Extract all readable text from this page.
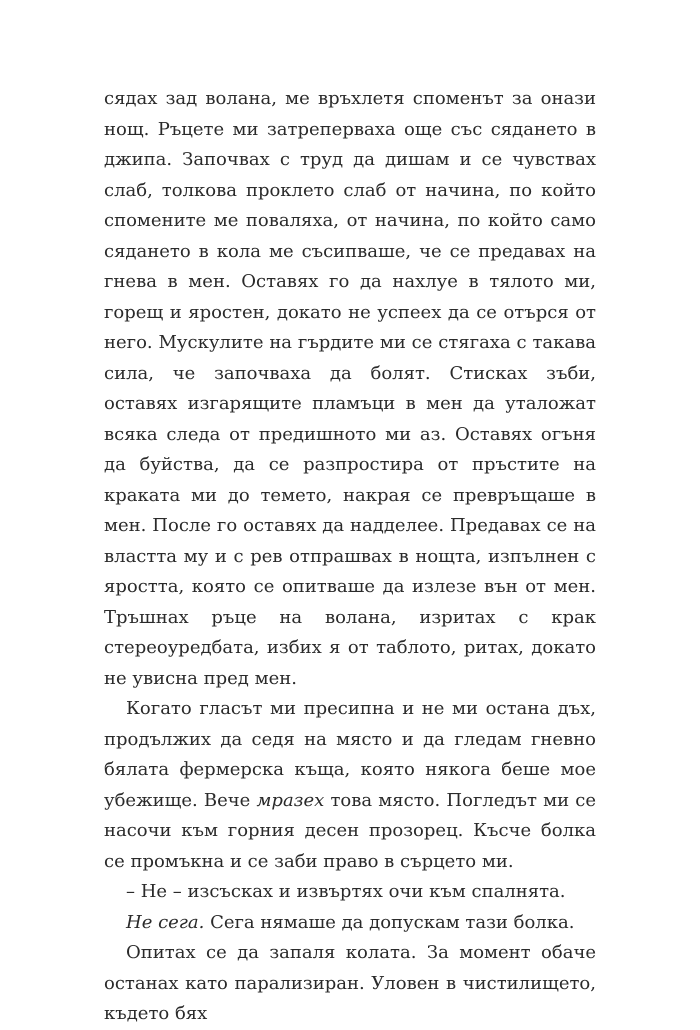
сядах зад волана, ме връхлетя споменът за онази нощ. Ръцете ми затреперваха още със сядането в джипа. Започвах с труд да дишам и се чувствах слаб, толкова проклето слаб от начина, по който спомените ме поваляха, от начина, по който само сядането в кола ме съсипваше, че се предавах на гнева в мен. Оставях го да нахлуе в тялото ми, горещ и яростен, докато не успеех да се отърся от него. Мускулите на гърдите ми се стягаха с такава сила, че започваха да болят. Стисках зъби, оставях изгарящите пламъци в мен да уталожат всяка следа от предишното ми аз. Оставях огъня да буйства, да се разпростира от пръстите на краката ми до темето, накрая се превръщаше в мен. После го оставях да надделее. Предавах се на властта му и с рев отпрашвах в нощта, изпълнен с яростта, която се опитваше да излезе вън от мен. Тръшнах ръце на волана, изритах с крак стереоуредбата, избих я от таблото, ритах, докато не увисна пред мен.

Когато гласът ми пресипна и не ми остана дъх, продължих да седя на място и да гледам гневно бялата фермерска къща, която някога беше мое убежище. Вече мразех това място. Погледът ми се насочи към горния десен прозорец. Късче болка се промъкна и се заби право в сърцето ми.

– Не – изсъсках и извъртях очи към спалнята.

Не сега. Сега нямаше да допускам тази болка.

Опитах се да запаля колата. За момент обаче останах като парализиран. Уловен в чистилището, където бях
